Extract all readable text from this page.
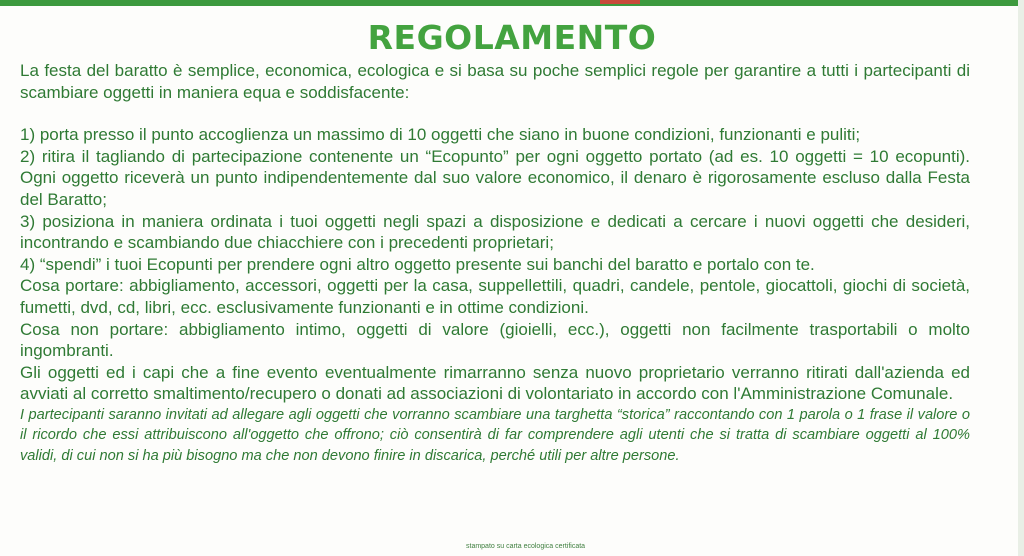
REGOLAMENTO

La festa del baratto è semplice, economica, ecologica e si basa su poche semplici regole per garantire a tutti i partecipanti di scambiare oggetti in maniera equa e soddisfacente:

1) porta presso il punto accoglienza un massimo di 10 oggetti che siano in buone condizioni, funzionanti e puliti;

2) ritira il tagliando di partecipazione contenente un “Ecopunto” per ogni oggetto portato (ad es. 10 oggetti = 10 ecopunti). Ogni oggetto riceverà un punto indipendentemente dal suo valore economico, il denaro è rigorosamente escluso dalla Festa del Baratto;

3) posiziona in maniera ordinata i tuoi oggetti negli spazi a disposizione e dedicati a cercare i nuovi oggetti che desideri, incontrando e scambiando due chiacchiere con i precedenti proprietari;

4) “spendi” i tuoi Ecopunti per prendere ogni altro oggetto presente sui banchi del baratto e portalo con te.

Cosa portare: abbigliamento, accessori, oggetti per la casa, suppellettili, quadri, candele, pentole, giocattoli, giochi di società, fumetti, dvd, cd, libri, ecc. esclusivamente funzionanti e in ottime condizioni.

Cosa non portare: abbigliamento intimo, oggetti di valore (gioielli, ecc.), oggetti non facilmente trasportabili o molto ingombranti.

Gli oggetti ed i capi che a fine evento eventualmente rimarranno senza nuovo proprietario verranno ritirati dall'azienda ed avviati al corretto smaltimento/recupero o donati ad associazioni di volontariato in accordo con l'Amministrazione Comunale.

I partecipanti saranno invitati ad allegare agli oggetti che vorranno scambiare una targhetta “storica” raccontando con 1 parola o 1 frase il valore o il ricordo che essi attribuiscono all'oggetto che offrono; ciò consentirà di far comprendere agli utenti che si tratta di scambiare oggetti al 100% validi, di cui non si ha più bisogno ma che non devono finire in discarica, perché utili per altre persone.

stampato su carta ecologica certificata
